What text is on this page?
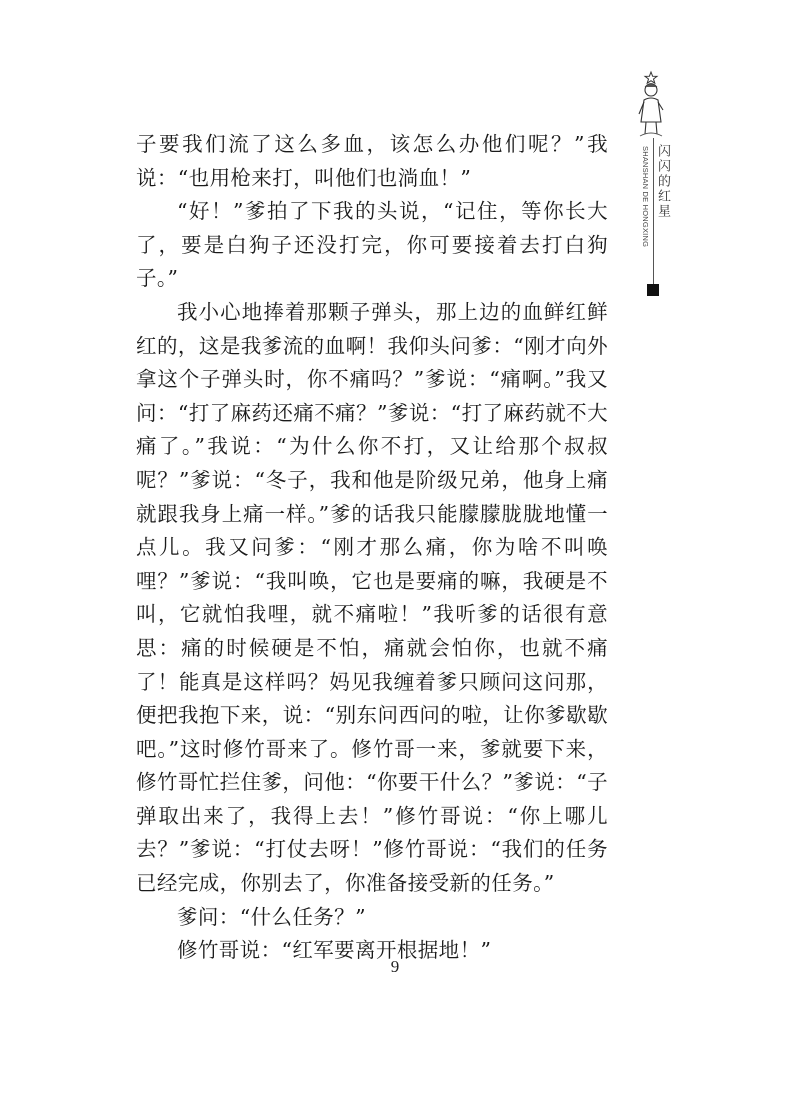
SHANSHAN DE HONGXING 闪闪的红星

子要我们流了这么多血，该怎么办他们呢？”我说：“也用枪来打，叫他们也淌血！”

“好！”爹拍了下我的头说，“记住，等你长大了，要是白狗子还没打完，你可要接着去打白狗子。”

我小心地捧着那颗子弹头，那上边的血鲜红鲜红的，这是我爹流的血啊！我仰头问爹：“刚才向外拿这个子弹头时，你不痛吗？”爹说：“痛啊。”我又问：“打了麻药还痛不痛？”爹说：“打了麻药就不大痛了。”我说：“为什么你不打，又让给那个叔叔呢？”爹说：“冬子，我和他是阶级兄弟，他身上痛就跟我身上痛一样。”爹的话我只能朦朦胧胧地懂一点儿。我又问爹：“刚才那么痛，你为啥不叫唤哩？”爹说：“我叫唤，它也是要痛的嘛，我硬是不叫，它就怕我哩，就不痛啦！”我听爹的话很有意思：痛的时候硬是不怕，痛就会怕你，也就不痛了！能真是这样吗？妈见我缠着爹只顾问这问那，便把我抱下来，说：“别东问西问的啦，让你爹歇歇吧。”这时修竹哥来了。修竹哥一来，爹就要下来，修竹哥忙拦住爹，问他：“你要干什么？”爹说：“子弹取出来了，我得上去！”修竹哥说：“你上哪儿去？”爹说：“打仗去呀！”修竹哥说：“我们的任务已经完成，你别去了，你准备接受新的任务。”

爹问：“什么任务？”

修竹哥说：“红军要离开根据地！”

9
